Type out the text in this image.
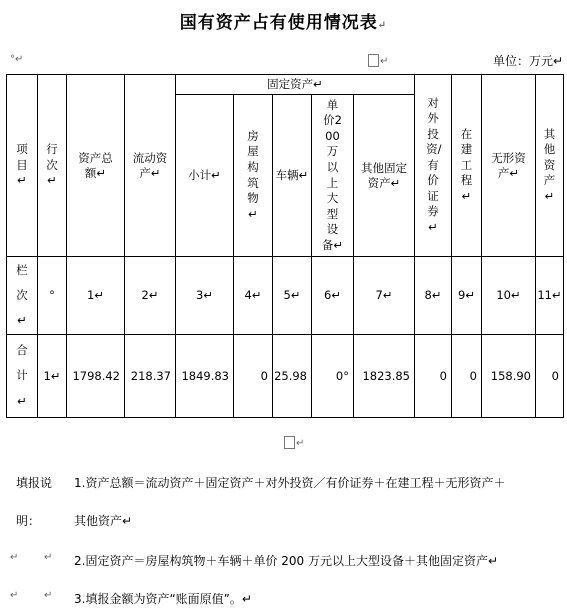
国有资产占有使用情况表↵
°↵	↵	单位：万元↵
项目↵	行次↵	资产总额↵	流动资产↵	固定资产↵					对外投资/有价证券↵	在建工程↵	无形资产↵	其他资产↵
				小计↵	房屋构筑物↵	车辆↵	单价200万以上大型设备↵	其他固定资产↵				
栏次↵	°	1↵	2↵	3↵	4↵	5↵	6↵	7↵	8↵	9↵	10↵	11↵
合计↵	1↵	1798.42	218.37	1849.83	0	25.98	0°	1823.85	0	0	158.90	0
↵
填报说 1.资产总额＝流动资产＋固定资产＋对外投资／有价证券＋在建工程＋无形资产＋
明：	其他资产↵
↵	↵ 2.固定资产＝房屋构筑物＋车辆＋单价 200 万元以上大型设备＋其他固定资产↵
↵	↵ 3.填报金额为资产“账面原值”。↵
